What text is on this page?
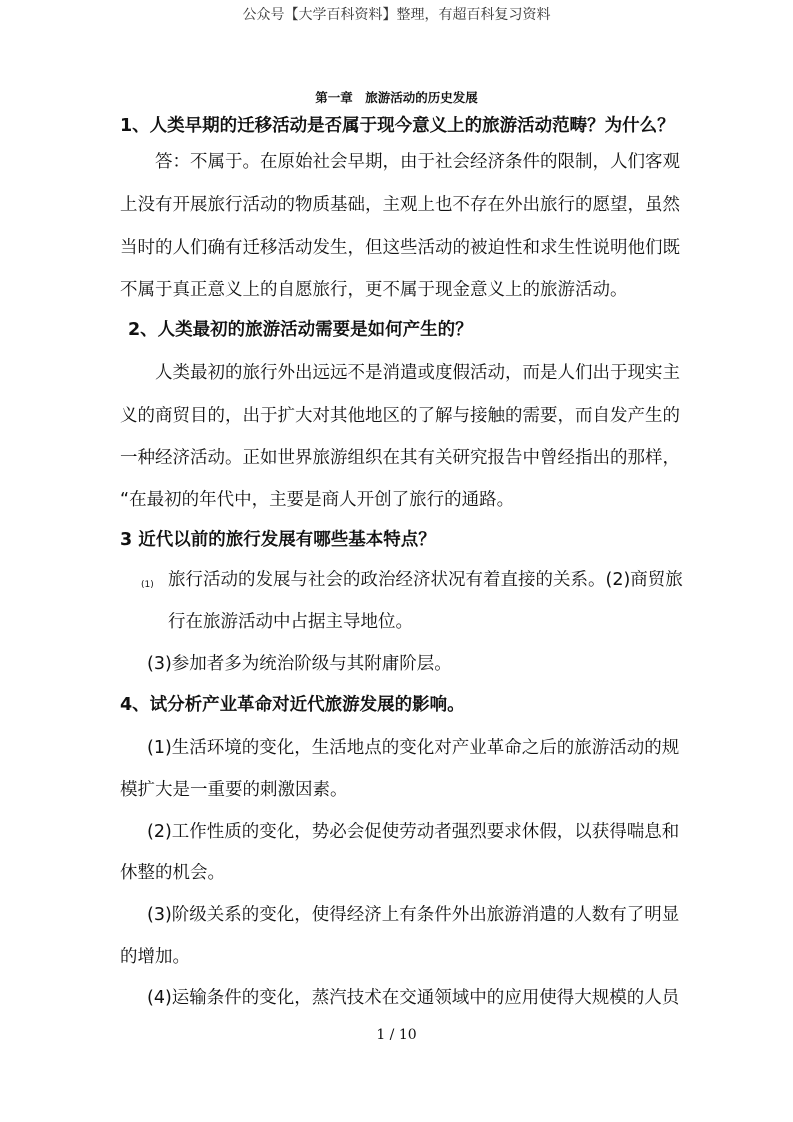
公众号【大学百科资料】整理，有超百科复习资料
第一章　旅游活动的历史发展
1、人类早期的迁移活动是否属于现今意义上的旅游活动范畴？为什么？
答：不属于。在原始社会早期，由于社会经济条件的限制，人们客观
上没有开展旅行活动的物质基础，主观上也不存在外出旅行的愿望，虽然
当时的人们确有迁移活动发生，但这些活动的被迫性和求生性说明他们既
不属于真正意义上的自愿旅行，更不属于现金意义上的旅游活动。
2、人类最初的旅游活动需要是如何产生的？
人类最初的旅行外出远远不是消遣或度假活动，而是人们出于现实主
义的商贸目的，出于扩大对其他地区的了解与接触的需要，而自发产生的
一种经济活动。正如世界旅游组织在其有关研究报告中曾经指出的那样，
“在最初的年代中，主要是商人开创了旅行的通路。
3 近代以前的旅行发展有哪些基本特点？
(1) 旅行活动的发展与社会的政治经济状况有着直接的关系。(2)商贸旅
行在旅游活动中占据主导地位。
(3)参加者多为统治阶级与其附庸阶层。
4、试分析产业革命对近代旅游发展的影响。
(1)生活环境的变化，生活地点的变化对产业革命之后的旅游活动的规
模扩大是一重要的刺激因素。
(2)工作性质的变化，势必会促使劳动者强烈要求休假，以获得喘息和
休整的机会。
(3)阶级关系的变化，使得经济上有条件外出旅游消遣的人数有了明显
的增加。
(4)运输条件的变化，蒸汽技术在交通领域中的应用使得大规模的人员
1 / 10
